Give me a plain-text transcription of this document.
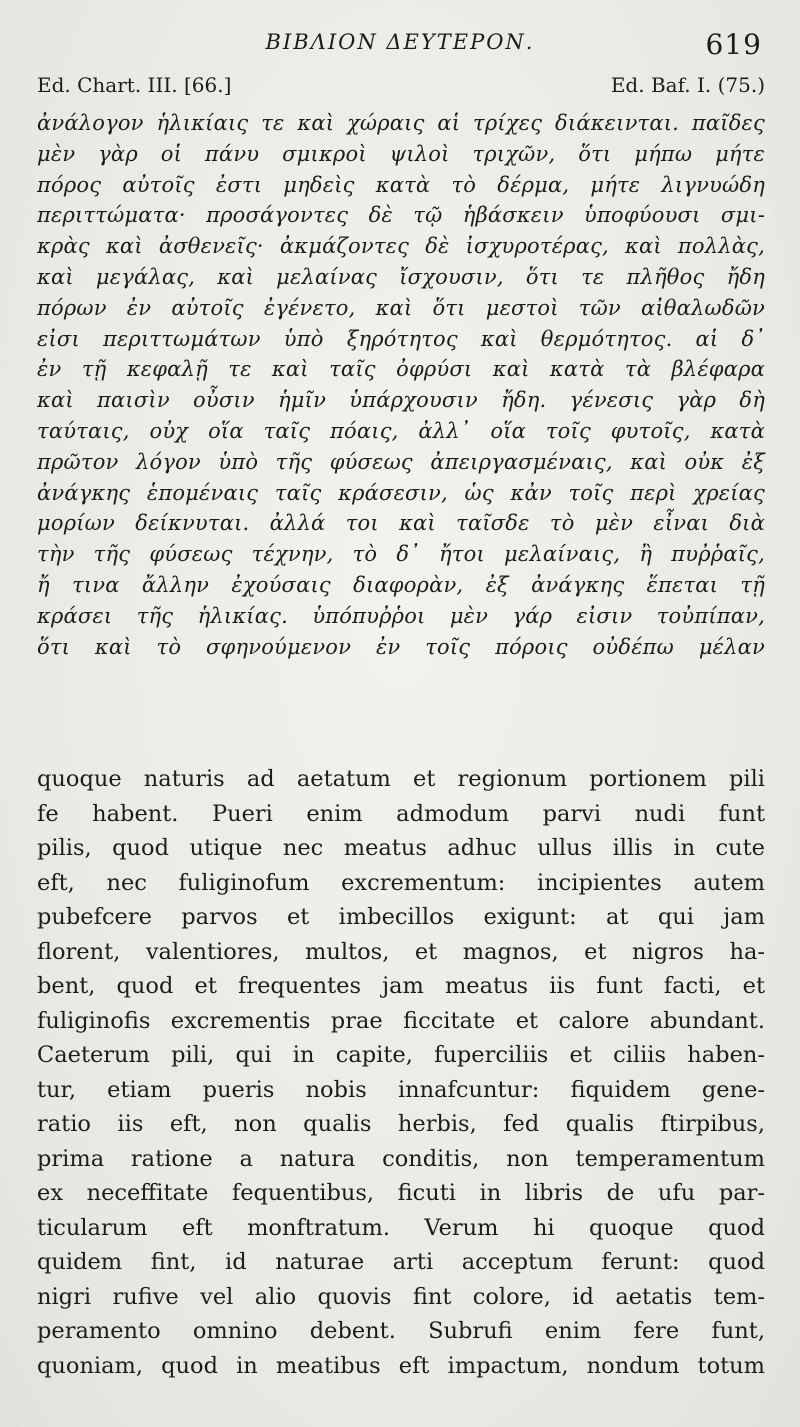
BIBΛΙΟΝ ΔΕΥΤΕΡΟΝ.	619
Ed. Chart. III. [66.]	Ed. Baf. I. (75.)
ἀνάλογον ἡλικίαις τε καὶ χώραις αἱ τρίχες διάκεινται. παῖδες
μὲν γὰρ οἱ πάνυ σμικροὶ ψιλοὶ τριχῶν, ὅτι μήπω μήτε
πόρος αὐτοῖς ἐστι μηδεὶς κατὰ τὸ δέρμα, μήτε λιγνυώδη
περιττώματα· προσάγοντες δὲ τῷ ἡβάσκειν ὑποφύουσι σμι-
κρὰς καὶ ἀσθενεῖς· ἀκμάζοντες δὲ ἰσχυροτέρας, καὶ πολλὰς,
καὶ μεγάλας, καὶ μελαίνας ἴσχουσιν, ὅτι τε πλῆθος ἤδη
πόρων ἐν αὐτοῖς ἐγένετο, καὶ ὅτι μεστοὶ τῶν αἰθαλωδῶν
εἰσι περιττωμάτων ὑπὸ ξηρότητος καὶ θερμότητος. αἱ δ᾽
ἐν τῇ κεφαλῇ τε καὶ ταῖς ὀφρύσι καὶ κατὰ τὰ βλέφαρα
καὶ παισὶν οὖσιν ἡμῖν ὑπάρχουσιν ἤδη. γένεσις γὰρ δὴ
ταύταις, οὐχ οἵα ταῖς πόαις, ἀλλ᾽ οἵα τοῖς φυτοῖς, κατὰ
πρῶτον λόγον ὑπὸ τῆς φύσεως ἀπειργασμέναις, καὶ οὐκ ἐξ
ἀνάγκης ἑπομέναις ταῖς κράσεσιν, ὡς κἀν τοῖς περὶ χρείας
μορίων δείκνυται. ἀλλά τοι καὶ ταῖσδε τὸ μὲν εἶναι διὰ
τὴν τῆς φύσεως τέχνην, τὸ δ᾽ ἤτοι μελαίναις, ἢ πυῤῥαῖς,
ἤ τινα ἄλλην ἐχούσαις διαφορὰν, ἐξ ἀνάγκης ἕπεται τῇ
κράσει τῆς ἡλικίας. ὑπόπυῤῥοι μὲν γάρ εἰσιν τοὐπίπαν,
ὅτι καὶ τὸ σφηνούμενον ἐν τοῖς πόροις οὐδέπω μέλαν
quoque naturis ad aetatum et regionum portionem pili
fe habent. Pueri enim admodum parvi nudi funt
pilis, quod utique nec meatus adhuc ullus illis in cute
eft, nec fuliginofum excrementum: incipientes autem
pubefcere parvos et imbecillos exigunt: at qui jam
florent, valentiores, multos, et magnos, et nigros ha-
bent, quod et frequentes jam meatus iis funt facti, et
fuliginofis excrementis prae ficcitate et calore abundant.
Caeterum pili, qui in capite, fuperciliis et ciliis haben-
tur, etiam pueris nobis innafcuntur: fiquidem gene-
ratio iis eft, non qualis herbis, fed qualis ftirpibus,
prima ratione a natura conditis, non temperamentum
ex neceffitate fequentibus, ficuti in libris de ufu par-
ticularum eft monftratum. Verum hi quoque quod
quidem fint, id naturae arti acceptum ferunt: quod
nigri rufive vel alio quovis fint colore, id aetatis tem-
peramento omnino debent. Subrufi enim fere funt,
quoniam, quod in meatibus eft impactum, nondum totum
